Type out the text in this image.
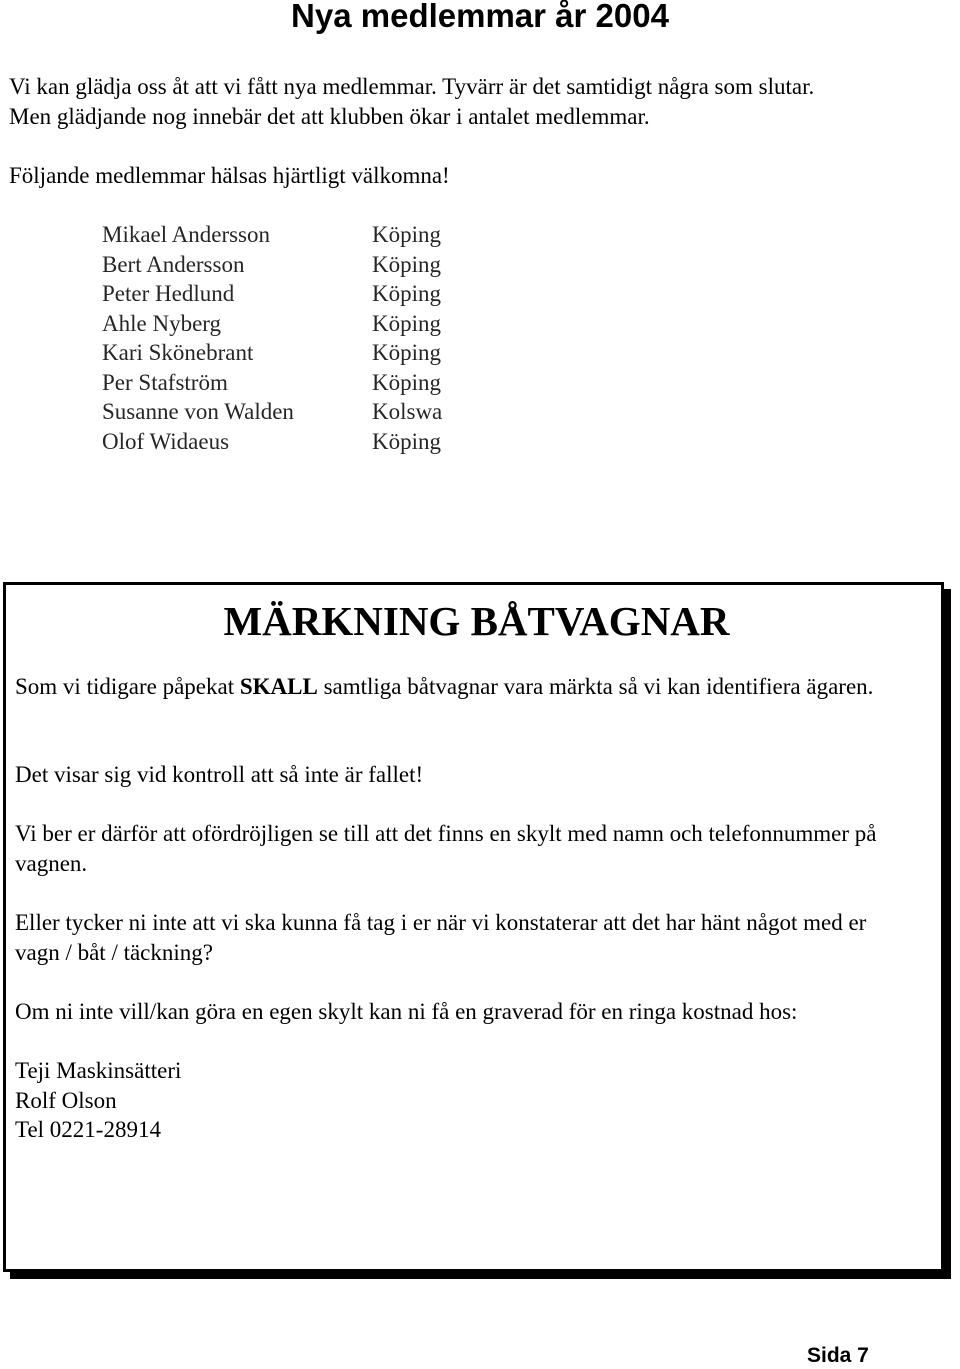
Nya medlemmar år 2004

Vi kan glädja oss åt att vi fått nya medlemmar. Tyvärr är det samtidigt några som slutar.

Men glädjande nog innebär det att klubben ökar i antalet medlemmar.

Följande medlemmar hälsas hjärtligt välkomna!

Mikael Andersson	Köping
Bert Andersson	Köping
Peter Hedlund	Köping
Ahle Nyberg	Köping
Kari Skönebrant	Köping
Per Stafström	Köping
Susanne von Walden	Kolswa
Olof Widaeus	Köping
MÄRKNING BÅTVAGNAR

Som vi tidigare påpekat SKALL samtliga båtvagnar vara märkta så vi kan identifiera ägaren.

Det visar sig vid kontroll att så inte är fallet!

Vi ber er därför att ofördröjligen se till att det finns en skylt med namn och telefonnummer på vagnen.

Eller tycker ni inte att vi ska kunna få tag i er när vi konstaterar att det har hänt något med er vagn / båt / täckning?

Om ni inte vill/kan göra en egen skylt kan ni få en graverad för en ringa kostnad hos:

Teji Maskinsätteri
Rolf Olson
Tel 0221-28914
Sida 7
